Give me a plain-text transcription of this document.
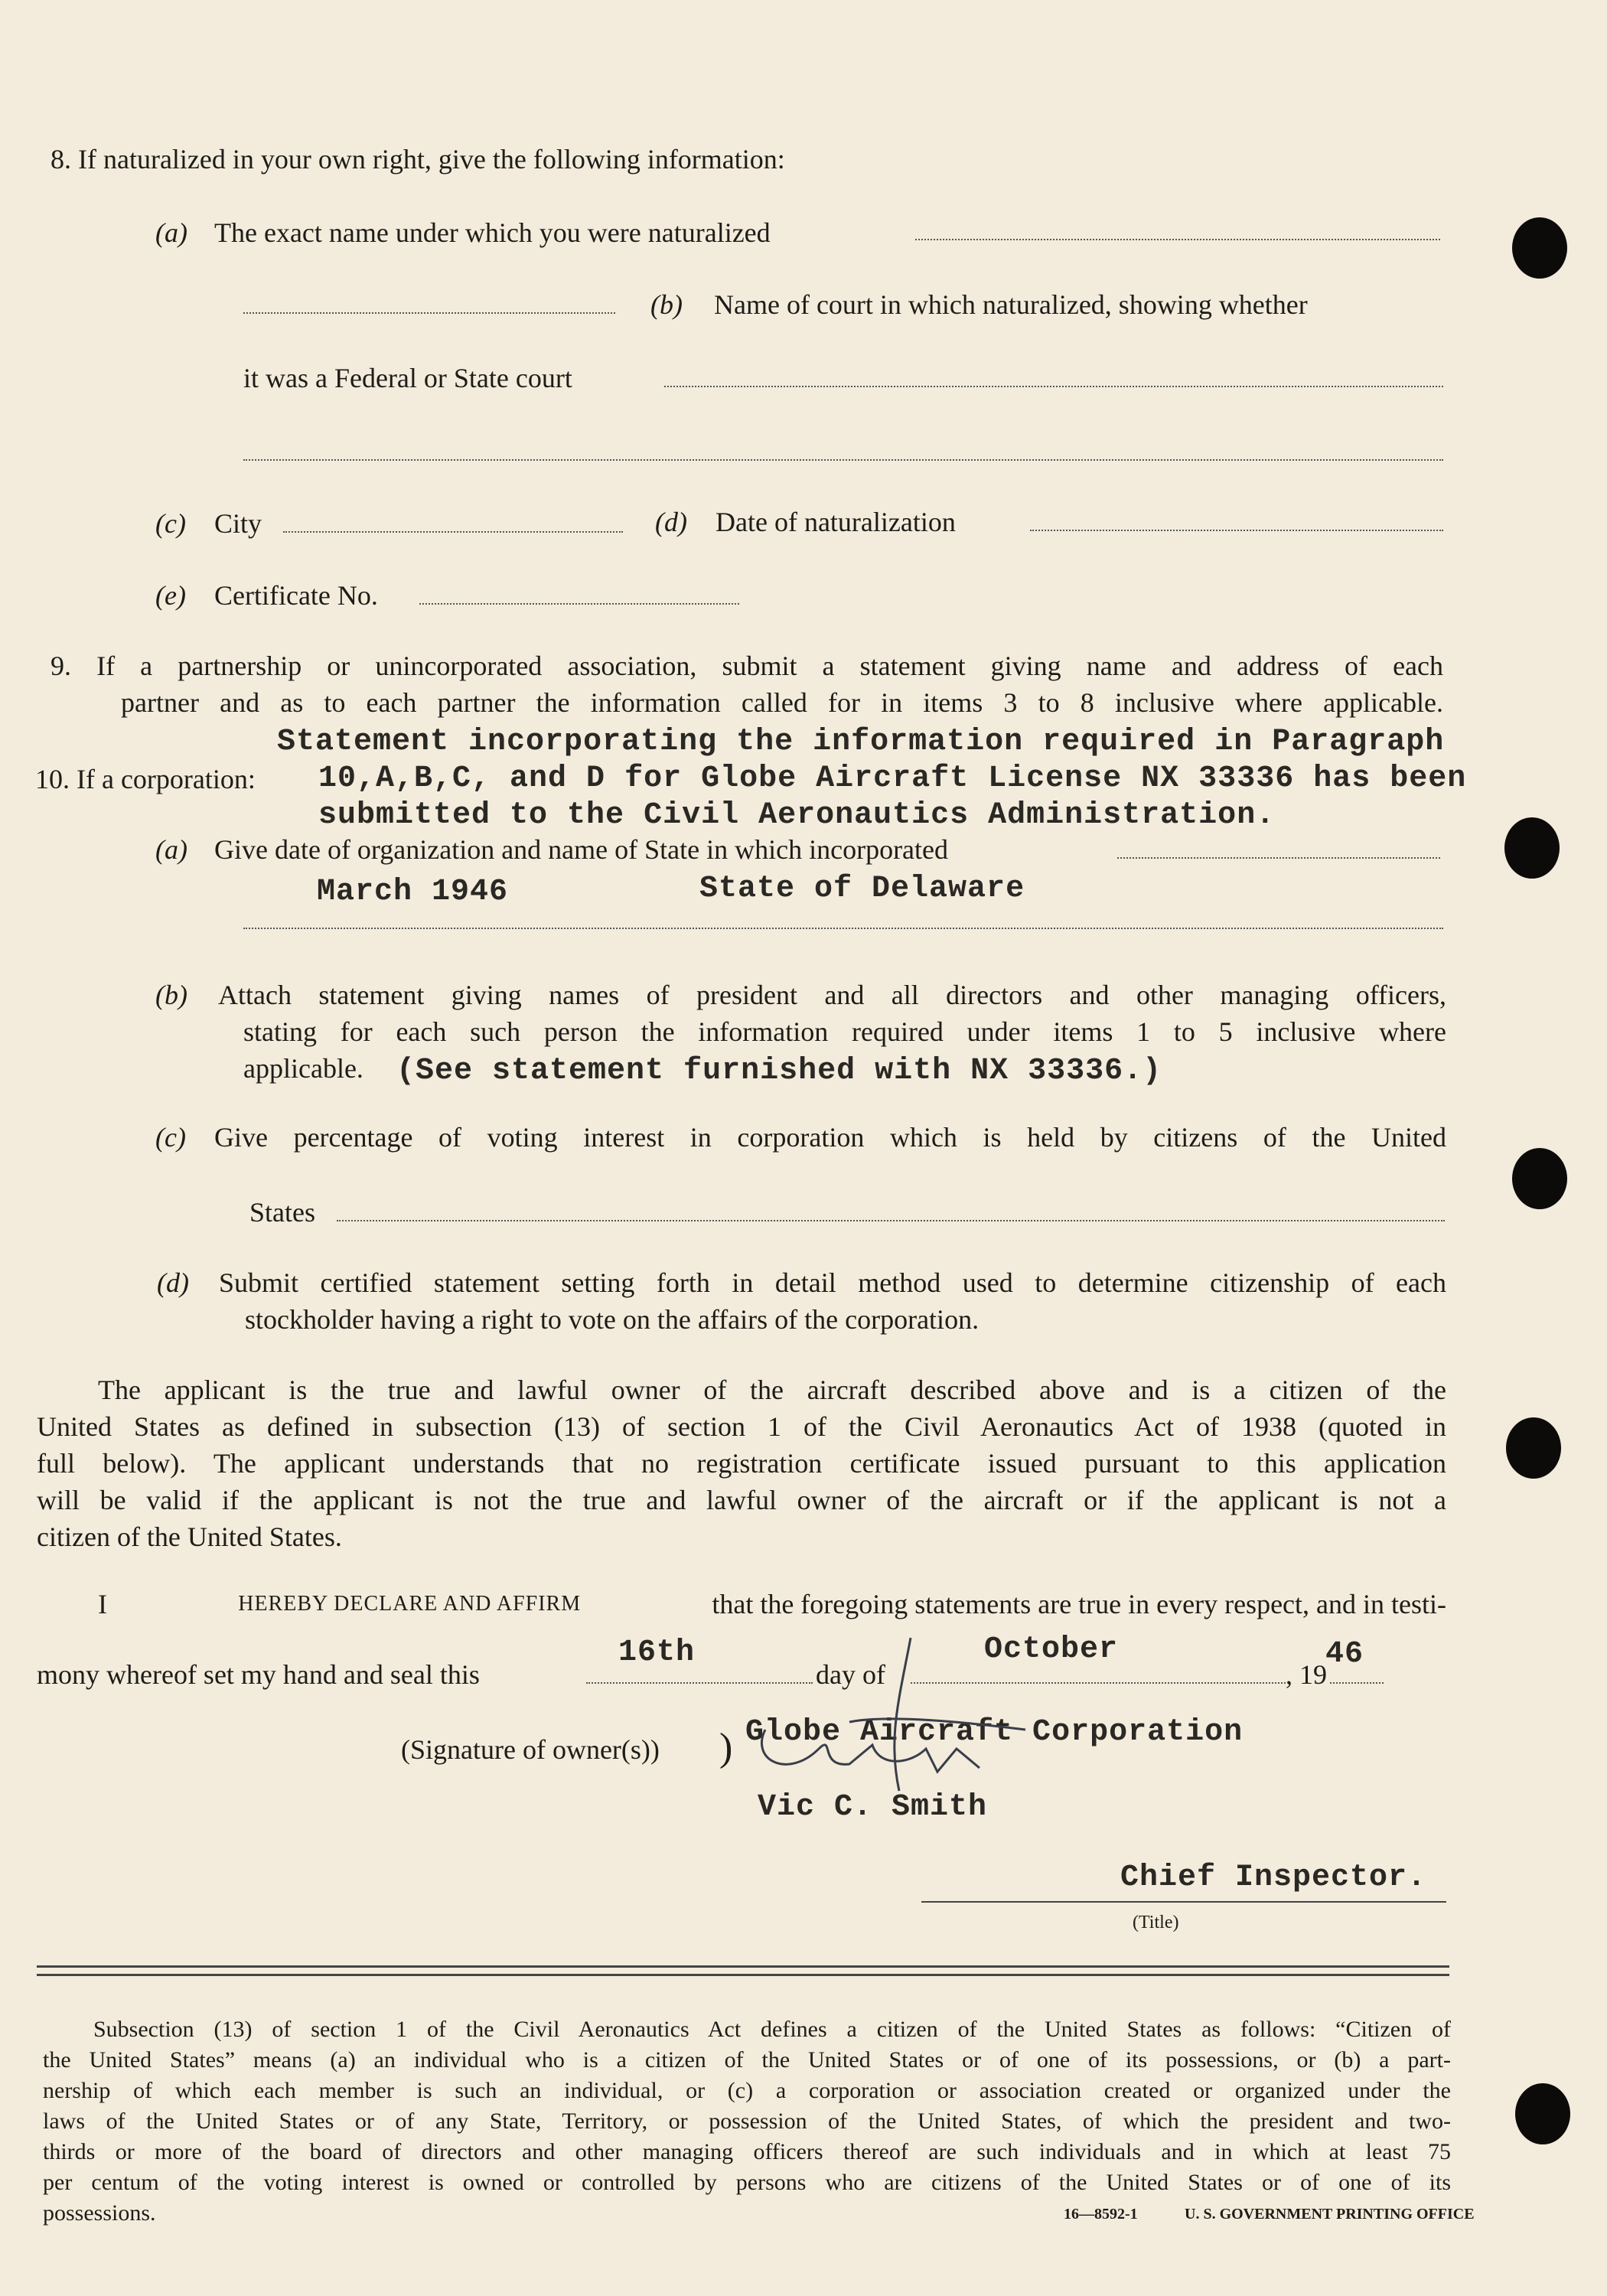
8. If naturalized in your own right, give the following information:
(a) The exact name under which you were naturalized
(b) Name of court in which naturalized, showing whether
it was a Federal or State court
(c) City	(d) Date of naturalization
(e) Certificate No.
9. If a partnership or unincorporated association, submit a statement giving name and address of each
partner and as to each partner the information called for in items 3 to 8 inclusive where applicable.
Statement incorporating the information required in Paragraph
10. If a corporation: 10,A,B,C, and D for Globe Aircraft License NX 33336 has been
submitted to the Civil Aeronautics Administration.
(a) Give date of organization and name of State in which incorporated
March 1946	State of Delaware
(b) Attach statement giving names of president and all directors and other managing officers,
stating for each such person the information required under items 1 to 5 inclusive where
applicable. (See statement furnished with NX 33336.)
(c) Give percentage of voting interest in corporation which is held by citizens of the United
States
(d) Submit certified statement setting forth in detail method used to determine citizenship of each
stockholder having a right to vote on the affairs of the corporation.
The applicant is the true and lawful owner of the aircraft described above and is a citizen of the
United States as defined in subsection (13) of section 1 of the Civil Aeronautics Act of 1938 (quoted in
full below). The applicant understands that no registration certificate issued pursuant to this application
will be valid if the applicant is not the true and lawful owner of the aircraft or if the applicant is not a
citizen of the United States.
I	HEREBY DECLARE AND AFFIRM	that the foregoing statements are true in every respect, and in testi-
mony whereof set my hand and seal this
16th
day of
October
, 19
46
(Signature of owner(s)) ) Globe Aircraft Corporation
Vic C. Smith
Chief Inspector.
(Title)
Subsection (13) of section 1 of the Civil Aeronautics Act defines a citizen of the United States as follows: “Citizen of
the United States” means (a) an individual who is a citizen of the United States or of one of its possessions, or (b) a part-
nership of which each member is such an individual, or (c) a corporation or association created or organized under the
laws of the United States or of any State, Territory, or possession of the United States, of which the president and two-
thirds or more of the board of directors and other managing officers thereof are such individuals and in which at least 75
per centum of the voting interest is owned or controlled by persons who are citizens of the United States or of one of its
possessions.	16—8592-1	U. S. GOVERNMENT PRINTING OFFICE
